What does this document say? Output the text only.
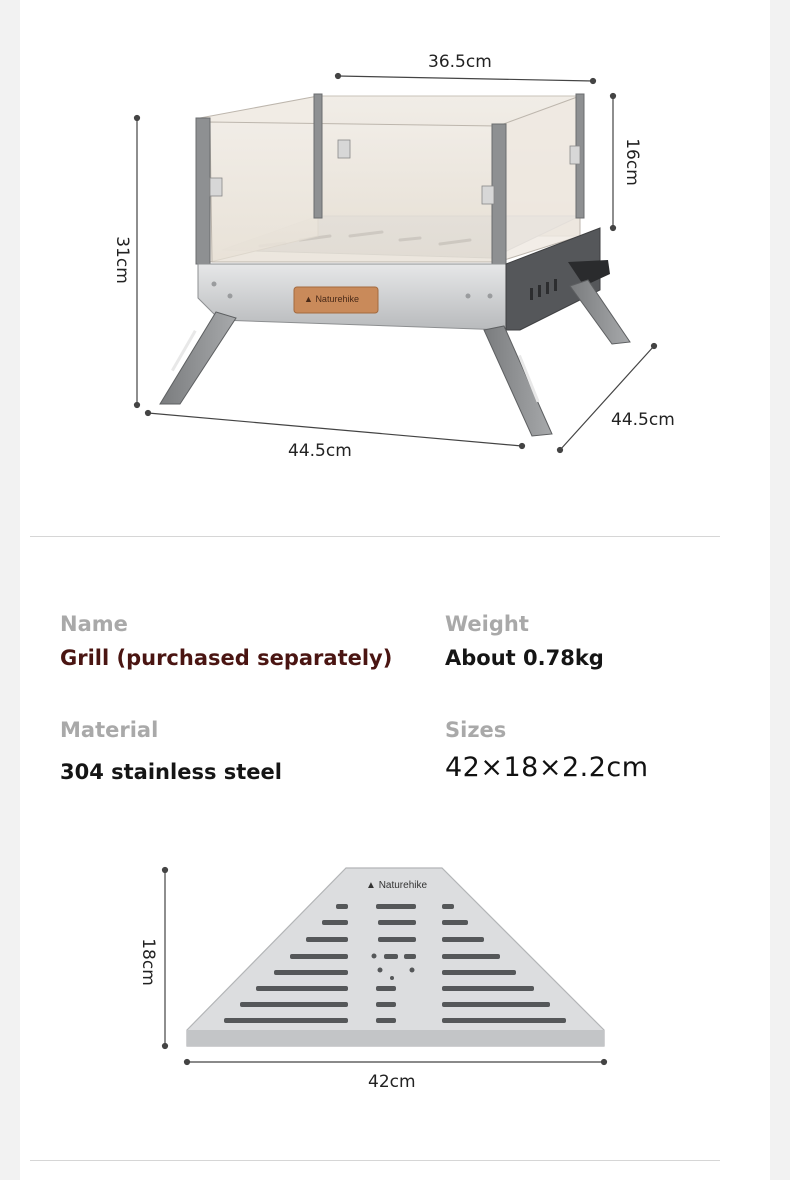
▲ Naturehike
36.5cm
31cm
16cm
44.5cm
44.5cm
Name
Grill (purchased separately)
Weight
About 0.78kg
Material
304 stainless steel
Sizes
42×18×2.2cm
▲ Naturehike
18cm
42cm
